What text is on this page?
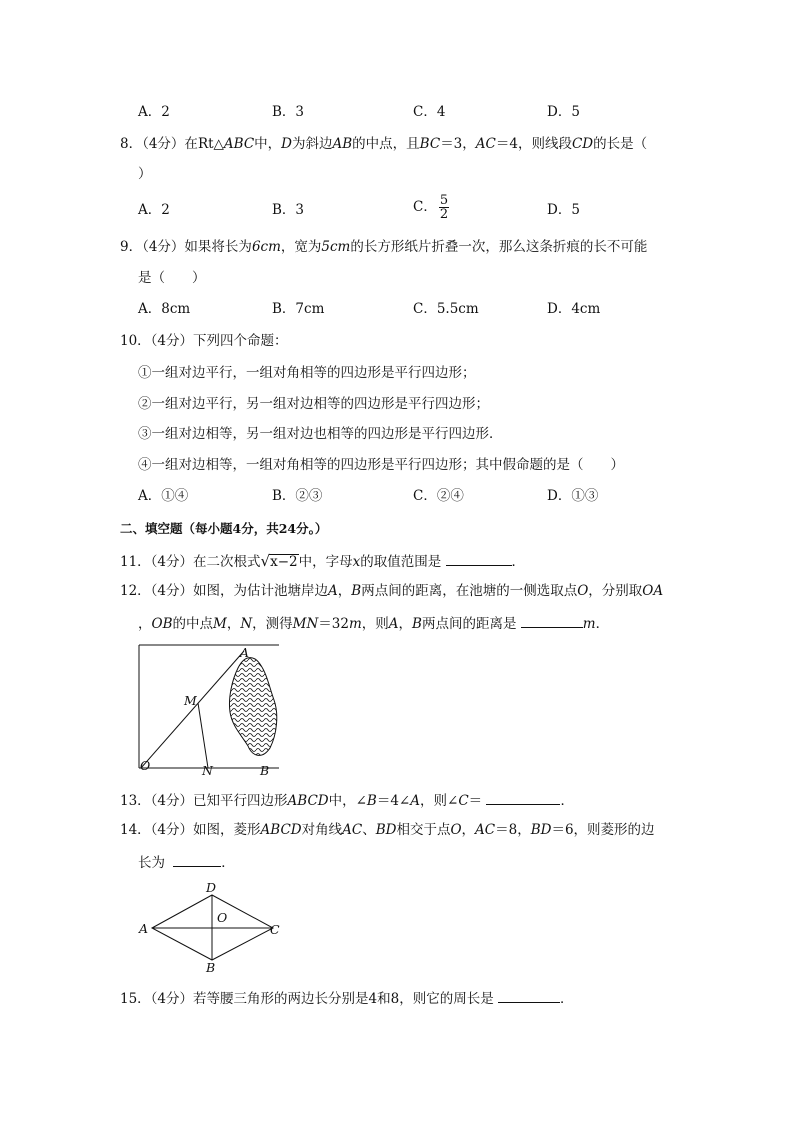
A．2	B．3	C．4	D．5
8．（4分）在Rt△ABC中，D为斜边AB的中点，且BC＝3，AC＝4，则线段CD的长是（
）
A．2	B．3	C． $\frac{5}{2}$	D．5
9．（4分）如果将长为6cm，宽为5cm的长方形纸片折叠一次，那么这条折痕的长不可能
是（　　）
A．8cm	B．7cm	C．5.5cm	D．4cm
10．（4分）下列四个命题：
①一组对边平行，一组对角相等的四边形是平行四边形；
②一组对边平行，另一组对边相等的四边形是平行四边形；
③一组对边相等，另一组对边也相等的四边形是平行四边形．
④一组对边相等，一组对角相等的四边形是平行四边形；其中假命题的是（　　）
A．①④	B．②③	C．②④	D．①③
二、填空题（每小题4分，共24分。）
11．（4分）在二次根式√x−2中，字母x的取值范围是	．
12．（4分）如图，为估计池塘岸边A，B两点间的距离，在池塘的一侧选取点O，分别取OA
，OB的中点M，N，测得MN＝32m，则A，B两点间的距离是	m．
A
M
O	N	B
13．（4分）已知平行四边形ABCD中，∠B＝4∠A，则∠C＝	．
14．（4分）如图，菱形ABCD对角线AC、BD相交于点O，AC＝8，BD＝6，则菱形的边
长为	．
A
D
O
C
B
15．（4分）若等腰三角形的两边长分别是4和8，则它的周长是	．
